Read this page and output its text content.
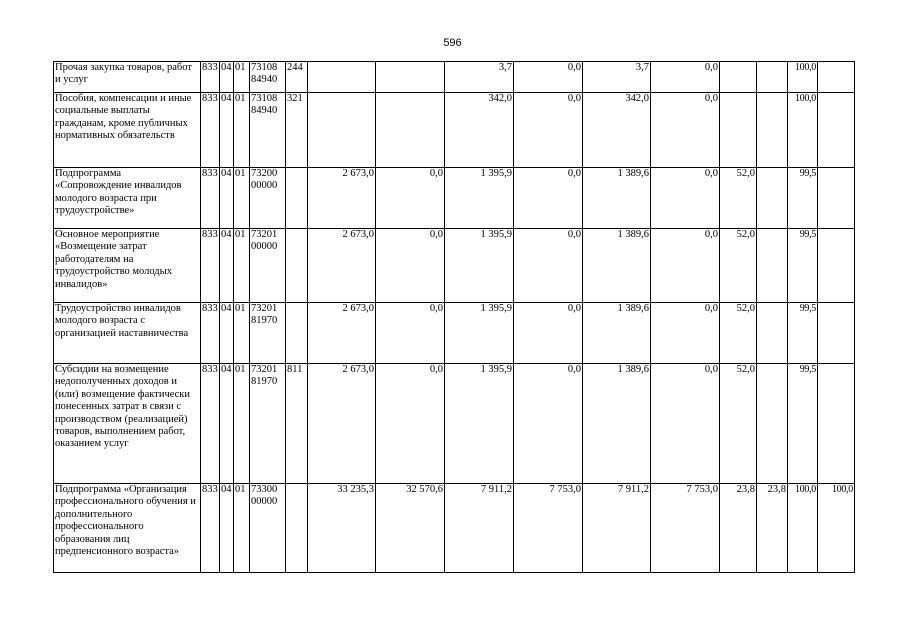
596
Прочая закупка товаров, работ и услуг	833	04	01	73108 84940	244			3,7	0,0	3,7	0,0			100,0	
Пособия, компенсации и иные социальные выплаты гражданам, кроме публичных нормативных обязательств	833	04	01	73108 84940	321			342,0	0,0	342,0	0,0			100,0	
Подпрограмма «Сопровождение инвалидов молодого возраста при трудоустройстве»	833	04	01	73200 00000		2 673,0	0,0	1 395,9	0,0	1 389,6	0,0	52,0		99,5	
Основное мероприятие «Возмещение затрат работодателям на трудоустройство молодых инвалидов»	833	04	01	73201 00000		2 673,0	0,0	1 395,9	0,0	1 389,6	0,0	52,0		99,5	
Трудоустройство инвалидов молодого возраста с организацией наставничества	833	04	01	73201 81970		2 673,0	0,0	1 395,9	0,0	1 389,6	0,0	52,0		99,5	
Субсидии на возмещение недополученных доходов и (или) возмещение фактически понесенных затрат в связи с производством (реализацией) товаров, выполнением работ, оказанием услуг	833	04	01	73201 81970	811	2 673,0	0,0	1 395,9	0,0	1 389,6	0,0	52,0		99,5	
Подпрограмма «Организация профессионального обучения и дополнительного профессионального образования лиц предпенсионного возраста»	833	04	01	73300 00000		33 235,3	32 570,6	7 911,2	7 753,0	7 911,2	7 753,0	23,8	23,8	100,0	100,0
